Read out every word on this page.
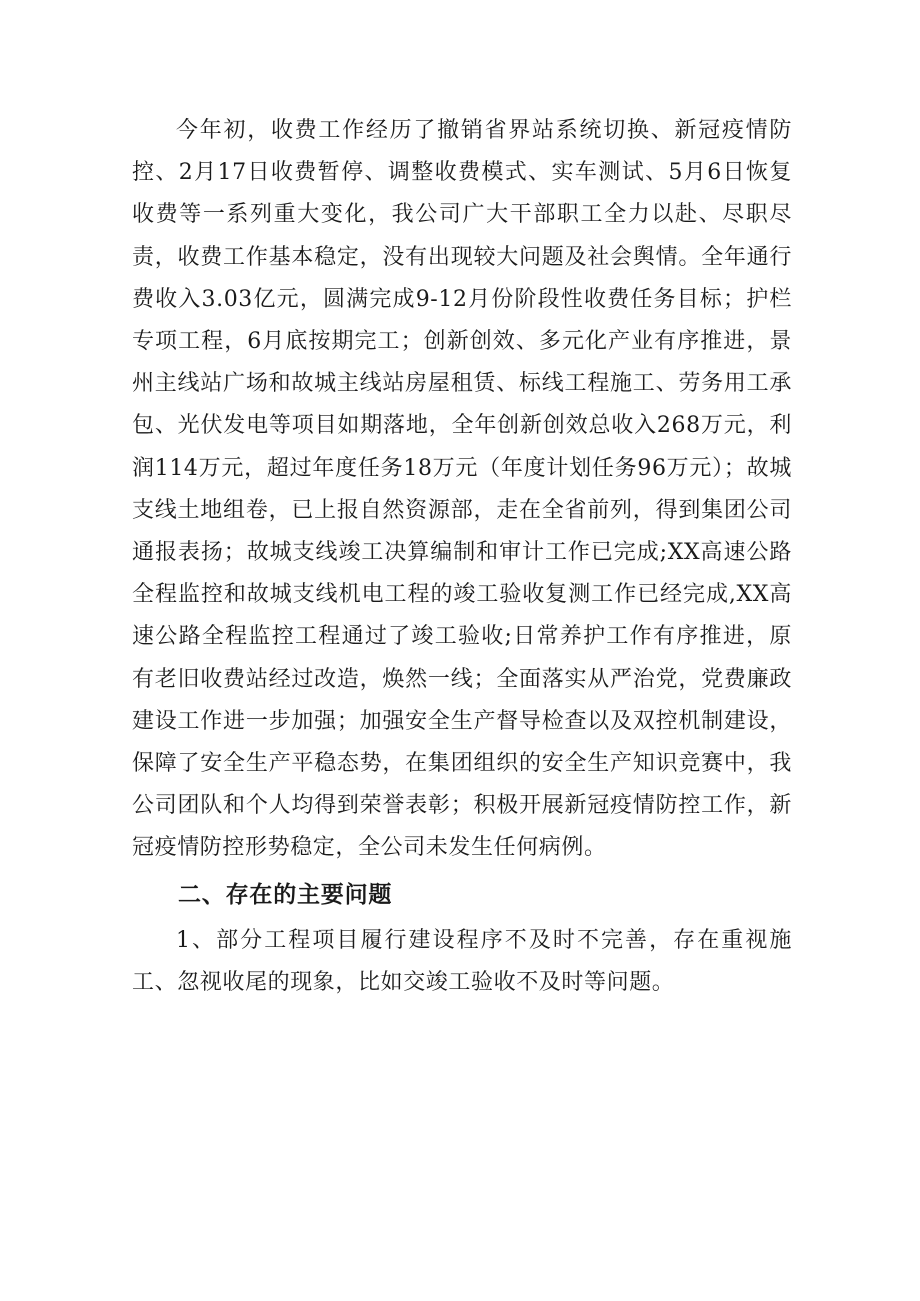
今年初，收费工作经历了撤销省界站系统切换、新冠疫情防控、2月17日收费暂停、调整收费模式、实车测试、5月6日恢复收费等一系列重大变化，我公司广大干部职工全力以赴、尽职尽责，收费工作基本稳定，没有出现较大问题及社会舆情。全年通行费收入3.03亿元，圆满完成9-12月份阶段性收费任务目标；护栏专项工程，6月底按期完工；创新创效、多元化产业有序推进，景州主线站广场和故城主线站房屋租赁、标线工程施工、劳务用工承包、光伏发电等项目如期落地，全年创新创效总收入268万元，利润114万元，超过年度任务18万元（年度计划任务96万元）；故城支线土地组卷，已上报自然资源部，走在全省前列，得到集团公司通报表扬；故城支线竣工决算编制和审计工作已完成;XX高速公路全程监控和故城支线机电工程的竣工验收复测工作已经完成,XX高速公路全程监控工程通过了竣工验收;日常养护工作有序推进，原有老旧收费站经过改造，焕然一线；全面落实从严治党，党费廉政建设工作进一步加强；加强安全生产督导检查以及双控机制建设，保障了安全生产平稳态势，在集团组织的安全生产知识竞赛中，我公司团队和个人均得到荣誉表彰；积极开展新冠疫情防控工作，新冠疫情防控形势稳定，全公司未发生任何病例。

二、存在的主要问题

1、部分工程项目履行建设程序不及时不完善，存在重视施工、忽视收尾的现象，比如交竣工验收不及时等问题。
